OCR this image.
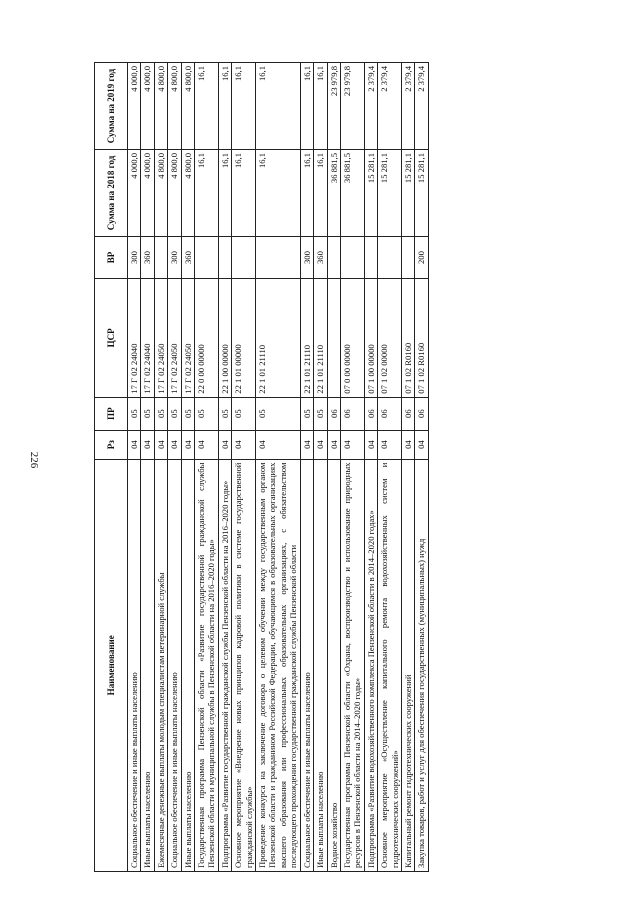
226
Наименование	Рз	ПР	ЦСР	ВР	Сумма на 2018 год	Сумма на 2019 год
Социальное обеспечение и иные выплаты населению	04	05	17 Г 02 24040	300	4 000,0	4 000,0
Иные выплаты населению	04	05	17 Г 02 24040	360	4 000,0	4 000,0
Ежемесячные денежные выплаты молодым специалистам ветеринарной службы	04	05	17 Г 02 24050		4 800,0	4 800,0
Социальное обеспечение и иные выплаты населению	04	05	17 Г 02 24050	300	4 800,0	4 800,0
Иные выплаты населению	04	05	17 Г 02 24050	360	4 800,0	4 800,0
Государственная программа Пензенской области «Развитие государственной гражданской службы Пензенской области и муниципальной службы в Пензенской области на 2016–2020 годы»	04	05	22 0 00 00000		16,1	16,1
Подпрограмма «Развитие государственной гражданской службы Пензенской области на 2016–2020 годы»	04	05	22 1 00 00000		16,1	16,1
Основное мероприятие «Внедрение новых принципов кадровой политики в системе государственной гражданской службы»	04	05	22 1 01 00000		16,1	16,1
Проведение конкурса на заключение договора о целевом обучении между государственным органом Пензенской области и гражданином Российской Федерации, обучающимся в образовательных организациях высшего образования или профессиональных образовательных организациях, с обязательством последующего прохождения государственной гражданской службы Пензенской области	04	05	22 1 01 21110		16,1	16,1
Социальное обеспечение и иные выплаты населению	04	05	22 1 01 21110	300	16,1	16,1
Иные выплаты населению	04	05	22 1 01 21110	360	16,1	16,1
Водное хозяйство	04	06			36 881,5	23 979,8
Государственная программа Пензенской области «Охрана, воспроизводство и использование природных ресурсов в Пензенской области на 2014–2020 годы»	04	06	07 0 00 00000		36 881,5	23 979,8
Подпрограмма «Развитие водохозяйственного комплекса Пензенской области в 2014–2020 годах»	04	06	07 1 00 00000		15 281,1	2 379,4
Основное мероприятие «Осуществление капитального ремонта водохозяйственных систем и гидротехнических сооружений»	04	06	07 1 02 00000		15 281,1	2 379,4
Капитальный ремонт гидротехнических сооружений	04	06	07 1 02 R0160		15 281,1	2 379,4
Закупка товаров, работ и услуг для обеспечения государственных (муниципальных) нужд	04	06	07 1 02 R0160	200	15 281,1	2 379,4
